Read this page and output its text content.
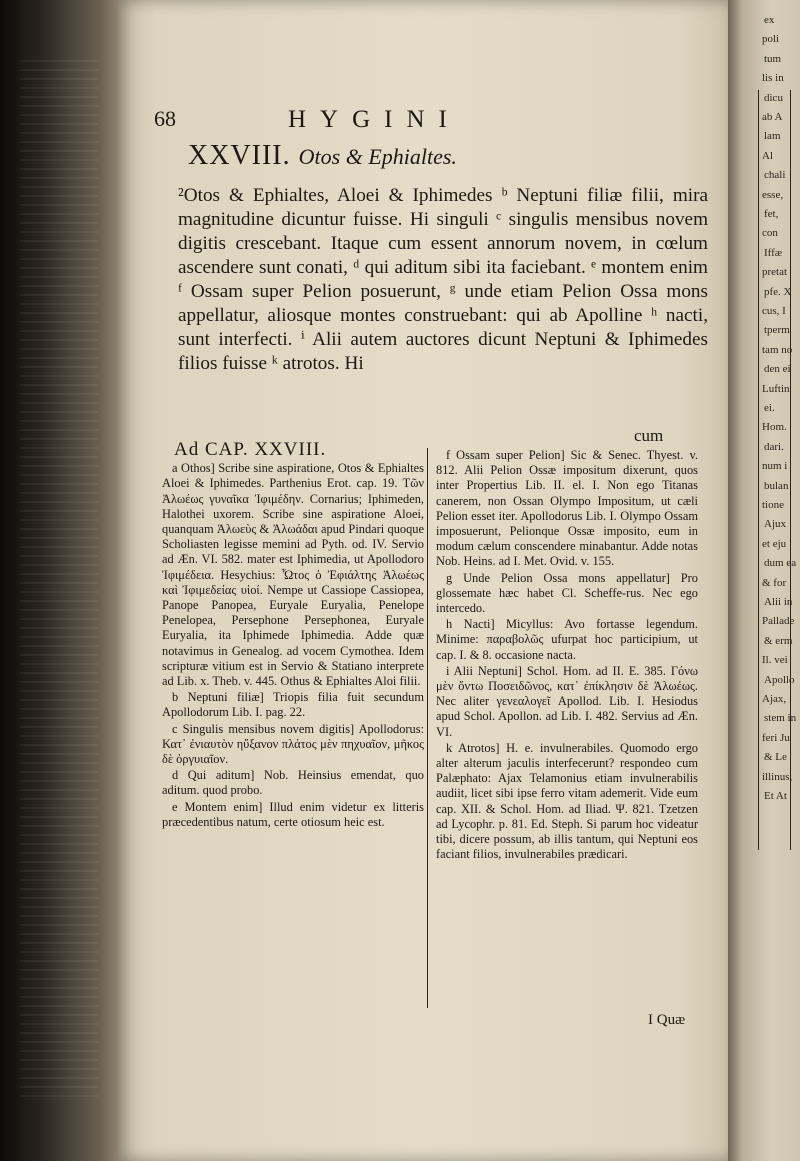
68	HYGINI
XXVIII. Otos & Ephialtes.

²Otos & Ephialtes, Aloei & Iphimedes ᵇ Neptuni filiæ filii, mira magnitudine dicuntur fuisse. Hi singuli ᶜ singulis mensibus novem digitis crescebant. Itaque cum essent annorum novem, in cœlum ascendere sunt conati, ᵈ qui aditum sibi ita faciebant. ᵉ montem enim ᶠ Ossam super Pelion posuerunt, ᵍ unde etiam Pelion Ossa mons appellatur, aliosque montes construebant: qui ab Apolline ʰ nacti, sunt interfecti. ⁱ Alii autem auctores dicunt Neptuni & Iphimedes filios fuisse ᵏ atrotos. Hi

cum

Ad CAP. XXVIII.

a Othos] Scribe sine aspiratione, Otos & Ephialtes Aloei & Iphimedes. Parthenius Erot. cap. 19. Τῶν Ἀλωέως γυναῖκα Ἰφιμέδην. Cornarius; Iphimeden, Halothei uxorem. Scribe sine aspiratione Aloei, quanquam Ἀλωεὺς & Ἀλωάδαι apud Pindari quoque Scholiasten legisse memini ad Pyth. od. IV. Servio ad Æn. VI. 582. mater est Iphimedia, ut Apollodoro Ἰφιμέδεια. Hesychius: Ὦτος ὁ Ἐφιάλτης Ἀλωέως καὶ Ἰφιμεδείας υἱοί. Nempe ut Cassiope Cassiopea, Panope Panopea, Euryale Euryalia, Penelope Penelopea, Persephone Persephonea, Euryale Euryalia, ita Iphimede Iphimedia. Adde quæ notavimus in Genealog. ad vocem Cymothea. Idem scripturæ vitium est in Servio & Statiano interprete ad Lib. x. Theb. v. 445. Othus & Ephialtes Aloi filii.

b Neptuni filiæ] Triopis filia fuit secundum Apollodorum Lib. I. pag. 22.

c Singulis mensibus novem digitis] Apollodorus: Κατ᾽ ἐνιαυτὸν ηὔξανον πλάτος μὲν πηχυαῖον, μῆκος δὲ ὀργυιαῖον.

d Qui aditum] Nob. Heinsius emendat, quo aditum. quod probo.

e Montem enim] Illud enim videtur ex litteris præcedentibus natum, certe otiosum heic est.

f Ossam super Pelion] Sic & Senec. Thyest. v. 812. Alii Pelion Ossæ impositum dixerunt, quos inter Propertius Lib. II. el. I. Non ego Titanas canerem, non Ossan Olympo Impositum, ut cæli Pelion esset iter. Apollodorus Lib. I. Olympo Ossam imposuerunt, Pelionque Ossæ imposito, eum in modum cælum conscendere minabantur. Adde notas Nob. Heins. ad I. Met. Ovid. v. 155.

g Unde Pelion Ossa mons appellatur] Pro glossemate hæc habet Cl. Scheffe-rus. Nec ego intercedo.

h Nacti] Micyllus: Avo fortasse legendum. Minime: παραβολῶς ufurpat hoc participium, ut cap. I. & 8. occasione nacta.

i Alii Neptuni] Schol. Hom. ad II. E. 385. Γόνω μὲν ὄντω Ποσειδῶνος, κατ᾽ ἐπίκλησιν δὲ Ἀλωέως. Nec aliter γενεαλογεῖ Apollod. Lib. I. Hesiodus apud Schol. Apollon. ad Lib. I. 482. Servius ad Æn. VI.

k Atrotos] H. e. invulnerabiles. Quomodo ergo alter alterum jaculis interfecerunt? respondeo cum Palæphato: Ajax Telamonius etiam invulnerabilis audiit, licet sibi ipse ferro vitam ademerit. Vide eum cap. XII. & Schol. Hom. ad Iliad. Ψ. 821. Tzetzen ad Lycophr. p. 81. Ed. Steph. Si parum hoc videatur tibi, dicere possum, ab illis tantum, qui Neptuni eos faciant filios, invulnerabiles prædicari.

I Quæ
ex
poli
tum
lis in
dicu
ab A
lam
Al
chali
esse,
fet,
con
Iffæ
pretat
pfe. X
cus, I
tperm
tam no
den ei
Luftin
ei.
Hom.
dari.
num i
bulan
tione
Ajux
et eju
dum ea
& for
Alii in
Pallade
& erm
Il. vei
Apollo
Ajax,
stem in
feri Ju
& Le
illinus,
Et At
